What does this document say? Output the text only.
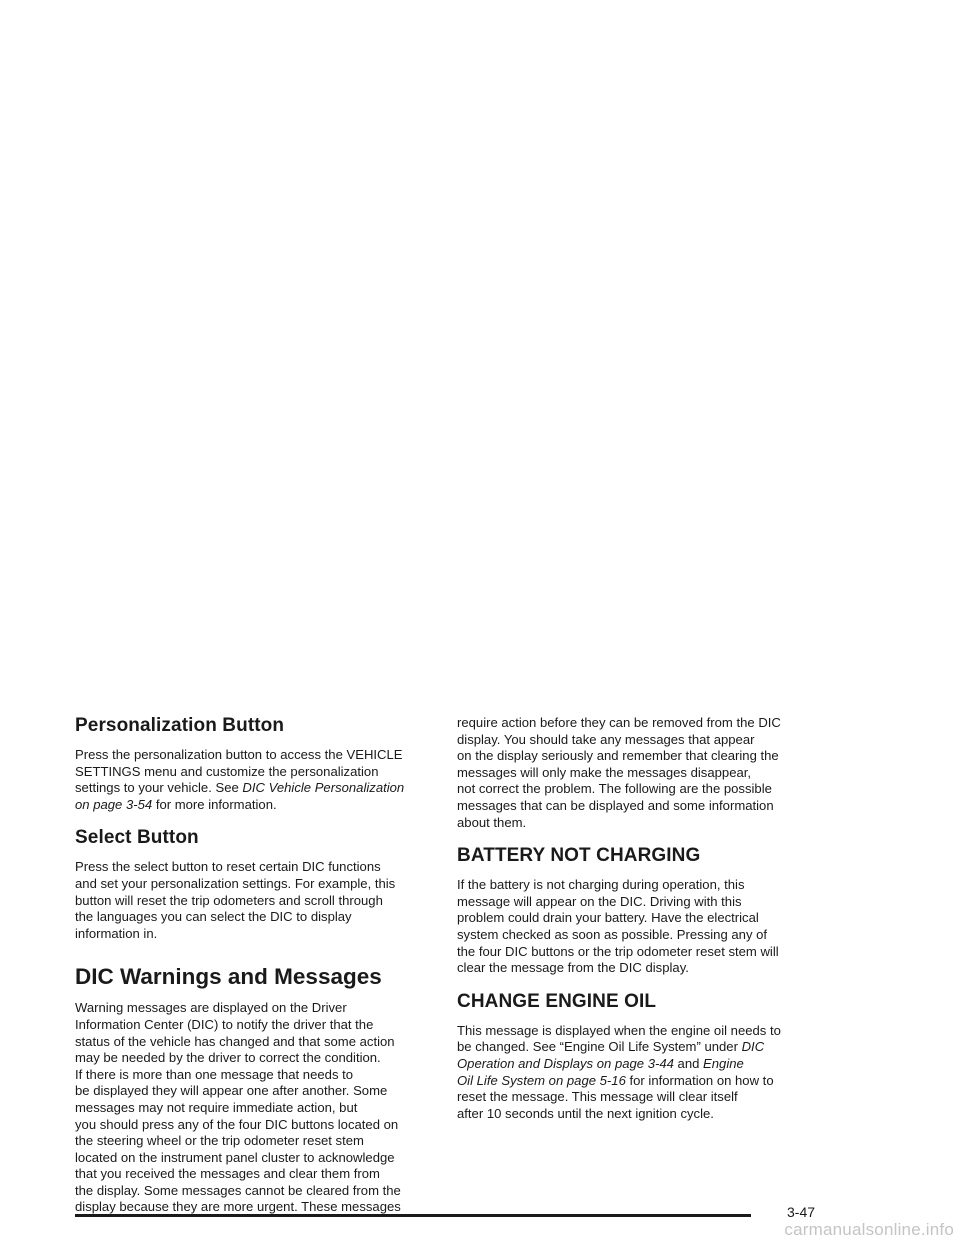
Personalization Button

Press the personalization button to access the VEHICLE
SETTINGS menu and customize the personalization
settings to your vehicle. See DIC Vehicle Personalization
on page 3-54 for more information.

Select Button

Press the select button to reset certain DIC functions
and set your personalization settings. For example, this
button will reset the trip odometers and scroll through
the languages you can select the DIC to display
information in.

DIC Warnings and Messages

Warning messages are displayed on the Driver
Information Center (DIC) to notify the driver that the
status of the vehicle has changed and that some action
may be needed by the driver to correct the condition.
If there is more than one message that needs to
be displayed they will appear one after another. Some
messages may not require immediate action, but
you should press any of the four DIC buttons located on
the steering wheel or the trip odometer reset stem
located on the instrument panel cluster to acknowledge
that you received the messages and clear them from
the display. Some messages cannot be cleared from the
display because they are more urgent. These messages

require action before they can be removed from the DIC
display. You should take any messages that appear
on the display seriously and remember that clearing the
messages will only make the messages disappear,
not correct the problem. The following are the possible
messages that can be displayed and some information
about them.

BATTERY NOT CHARGING

If the battery is not charging during operation, this
message will appear on the DIC. Driving with this
problem could drain your battery. Have the electrical
system checked as soon as possible. Pressing any of
the four DIC buttons or the trip odometer reset stem will
clear the message from the DIC display.

CHANGE ENGINE OIL

This message is displayed when the engine oil needs to
be changed. See “Engine Oil Life System” under DIC
Operation and Displays on page 3-44 and Engine
Oil Life System on page 5-16 for information on how to
reset the message. This message will clear itself
after 10 seconds until the next ignition cycle.

3-47
carmanualsonline.info
